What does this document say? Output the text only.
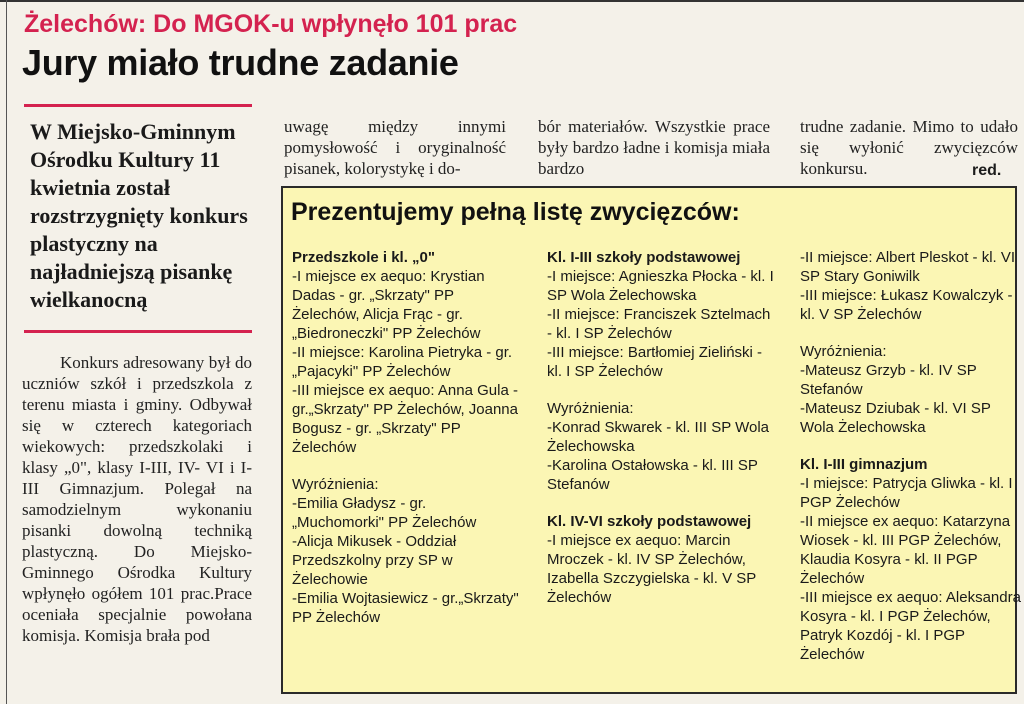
Żelechów: Do MGOK-u wpłynęło 101 prac
Jury miało trudne zadanie

W Miejsko-Gminnym Ośrodku Kultury 11 kwietnia został rozstrzygnięty konkurs plastyczny na najładniejszą pisankę wielkanocną

Konkurs adresowany był do uczniów szkół i przedszkola z terenu miasta i gminy. Odbywał się w czterech kategoriach wiekowych: przedszkolaki i klasy „0", klasy I-III, IV- VI i I-III Gimnazjum. Polegał na samodzielnym wykonaniu pisanki dowolną techniką plastyczną. Do Miejsko-Gminnego Ośrodka Kultury wpłynęło ogółem 101 prac.Prace oceniała specjalnie powołana komisja. Komisja brała pod

uwagę między innymi pomysłowość i oryginalność pisanek, kolorystykę i do-

bór materiałów. Wszystkie prace były bardzo ładne i komisja miała bardzo

trudne zadanie. Mimo to udało się wyłonić zwycięzców konkursu.	red.

Prezentujemy pełną listę zwycięzców:

Przedszkole i kl. „0"

-I miejsce ex aequo: Krystian Dadas - gr. „Skrzaty" PP Żelechów, Alicja Frąc - gr. „Biedroneczki" PP Żelechów

-II miejsce: Karolina Pietryka - gr. „Pajacyki" PP Żelechów

-III miejsce ex aequo: Anna Gula - gr.„Skrzaty" PP Żelechów, Joanna Bogusz - gr. „Skrzaty" PP Żelechów

Wyróżnienia:

-Emilia Gładysz - gr. „Muchomorki" PP Żelechów

-Alicja Mikusek - Oddział Przedszkolny przy SP w Żelechowie

-Emilia Wojtasiewicz - gr.„Skrzaty" PP Żelechów

Kl. I-III szkoły podstawowej

-I miejsce: Agnieszka Płocka - kl. I SP Wola Żelechowska

-II miejsce: Franciszek Sztelmach - kl. I SP Żelechów

-III miejsce: Bartłomiej Zieliński - kl. I SP Żelechów

Wyróżnienia:

-Konrad Skwarek - kl. III SP Wola Żelechowska

-Karolina Ostałowska - kl. III SP Stefanów

Kl. IV-VI szkoły podstawowej

-I miejsce ex aequo: Marcin Mroczek - kl. IV SP Żelechów, Izabella Szczygielska - kl. V SP Żelechów

-II miejsce: Albert Pleskot - kl. VI SP Stary Goniwilk

-III miejsce: Łukasz Kowalczyk - kl. V SP Żelechów

Wyróżnienia:

-Mateusz Grzyb - kl. IV SP Stefanów

-Mateusz Dziubak - kl. VI SP Wola Żelechowska

Kl. I-III gimnazjum

-I miejsce: Patrycja Gliwka - kl. I PGP Żelechów

-II miejsce ex aequo: Katarzyna Wiosek - kl. III PGP Żelechów, Klaudia Kosyra - kl. II PGP Żelechów

-III miejsce ex aequo: Aleksandra Kosyra - kl. I PGP Żelechów, Patryk Kozdój - kl. I PGP Żelechów
